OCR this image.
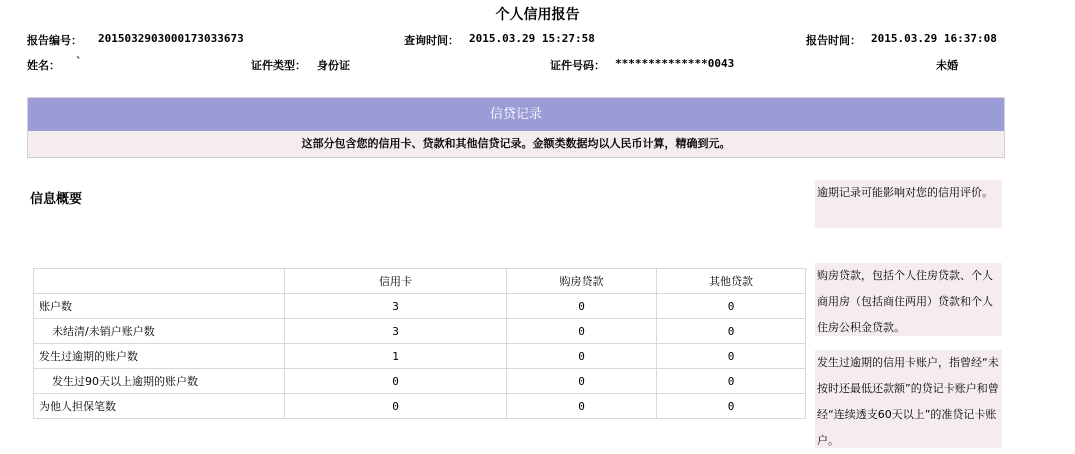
个人信用报告
报告编号： 2015032903000173033673	查询时间： 2015.03.29 15:27:58	报告时间： 2015.03.29 16:37:08
姓名： `	证件类型： 身份证	证件号码： **************0043	未婚
信贷记录
这部分包含您的信用卡、贷款和其他信贷记录。金额类数据均以人民币计算，精确到元。
信息概要
	信用卡	购房贷款	其他贷款
账户数	3	0	0
未结清/未销户账户数	3	0	0
发生过逾期的账户数	1	0	0
发生过90天以上逾期的账户数	0	0	0
为他人担保笔数	0	0	0
逾期记录可能影响对您的信用评价。
购房贷款，包括个人住房贷款、个人商用房（包括商住两用）贷款和个人住房公积金贷款。
发生过逾期的信用卡账户，指曾经“未按时还最低还款额”的贷记卡账户和曾经“连续透支60天以上”的准贷记卡账户。
